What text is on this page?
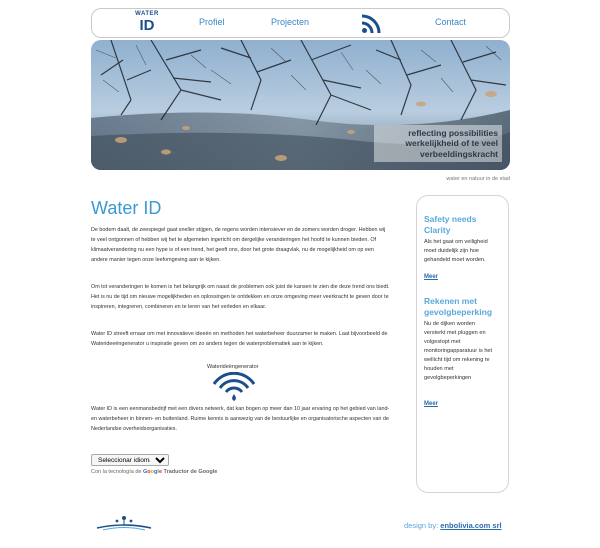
WATER
ID	Profiel	Projecten	Contact
reflecting possibilities
werkelijkheid of te veel
verbeeldingskracht
water en natuur in de stad
Water ID

De bodem daalt, de zeespiegel gaat sneller stijgen, de regens worden intensiever en de zomers worden droger. Hebben wij te veel ontgonnen of hebben wij het te afgemeten ingericht om dergelijke veranderingen het hoofd te kunnen bieden. Of klimaatverandering nu een hype is of een trend, het geeft ons, door het grote draagvlak, nu de mogelijkheid om op een andere manier tegen onze leefomgeving aan te kijken.

Om tot veranderingen te komen is het belangrijk om naast de problemen ook juist de kansen te zien die deze trend ons biedt. Het is nu de tijd om nieuwe mogelijkheden en oplossingen te ontdekken en onze omgeving meer veerkracht te geven door te inspireren, integreren, combineren en te leren van het verleden en elkaar.

Water ID streeft ernaar om met innovatieve ideeën en methoden het waterbeheer duurzamer te maken. Laat bijvoorbeeld de Waterideeëngenerator u inspiratie geven om zo anders tegen de waterproblematiek aan te kijken.

Waterideëngenerator

Water ID is een eenmansbedrijf met een divers netwerk, dat kan bogen op meer dan 10 jaar ervaring op het gebied van land- en waterbeheer in binnen- en buitenland. Ruime kennis is aanwezig van de bestuurlijke en organisatorische aspecten van de Nederlandse overheidsorganisaties.

Seleccionar idioma
Con la tecnología de Google Traductor de Google
Safety needs
Clarity
Als het gaat om veiligheid
moet duidelijk zijn hoe
gehandeld moet worden.
Meer
Rekenen met
gevolgbeperking
Nu de dijken worden
versterkt met pluggen en
volgestopt met
monitoringapparatuur is het
wellicht tijd om rekening te
houden met
gevolgbeperkingen
Meer
design by: enbolivia.com srl
